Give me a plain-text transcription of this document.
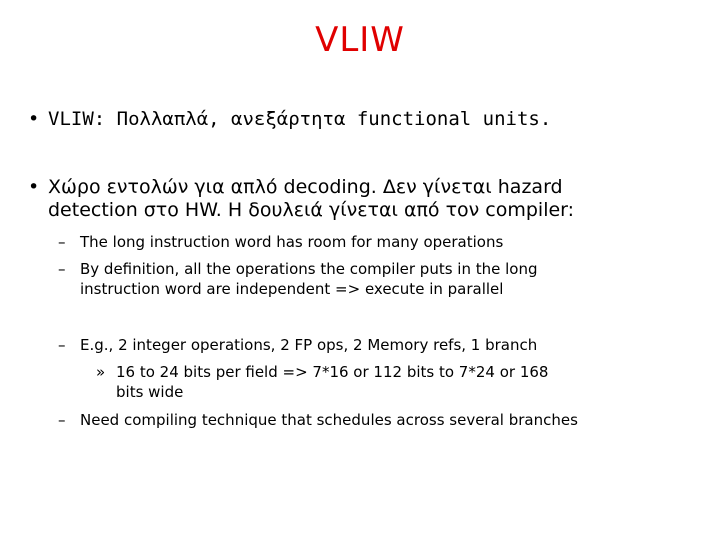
VLIW
• VLIW: Πολλαπλά, ανεξάρτητα functional units.
• Χώρο εντολών για απλό decoding. Δεν γίνεται hazard
detection στο HW. Η δουλειά γίνεται από τον compiler:
– The long instruction word has room for many operations
– By definition, all the operations the compiler puts in the long
instruction word are independent => execute in parallel
– E.g., 2 integer operations, 2 FP ops, 2 Memory refs, 1 branch
» 16 to 24 bits per field => 7*16 or 112 bits to 7*24 or 168
bits wide
– Need compiling technique that schedules across several branches
